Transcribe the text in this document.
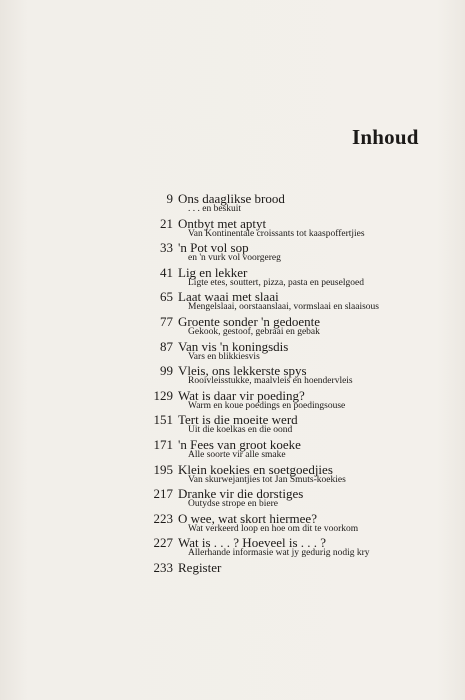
Inhoud
9 Ons daaglikse brood
. . . en beskuit
21 Ontbyt met aptyt
Van Kontinentale croissants tot kaaspoffertjies
33 'n Pot vol sop
en 'n vurk vol voorgereg
41 Lig en lekker
Ligte etes, souttert, pizza, pasta en peuselgoed
65 Laat waai met slaai
Mengelslaai, oorstaanslaai, vormslaai en slaaisous
77 Groente sonder 'n gedoente
Gekook, gestoof, gebraai en gebak
87 Van vis 'n koningsdis
Vars en blikkiesvis
99 Vleis, ons lekkerste spys
Rooivleisstukke, maalvleis en hoendervleis
129 Wat is daar vir poeding?
Warm en koue poedings en poedingsouse
151 Tert is die moeite werd
Uit die koelkas en die oond
171 'n Fees van groot koeke
Alle soorte vir alle smake
195 Klein koekies en soetgoedjies
Van skurwejantjies tot Jan Smuts-koekies
217 Dranke vir die dorstiges
Outydse strope en biere
223 O wee, wat skort hiermee?
Wat verkeerd loop en hoe om dit te voorkom
227 Wat is . . . ? Hoeveel is . . . ?
Allerhande informasie wat jy gedurig nodig kry
233 Register
